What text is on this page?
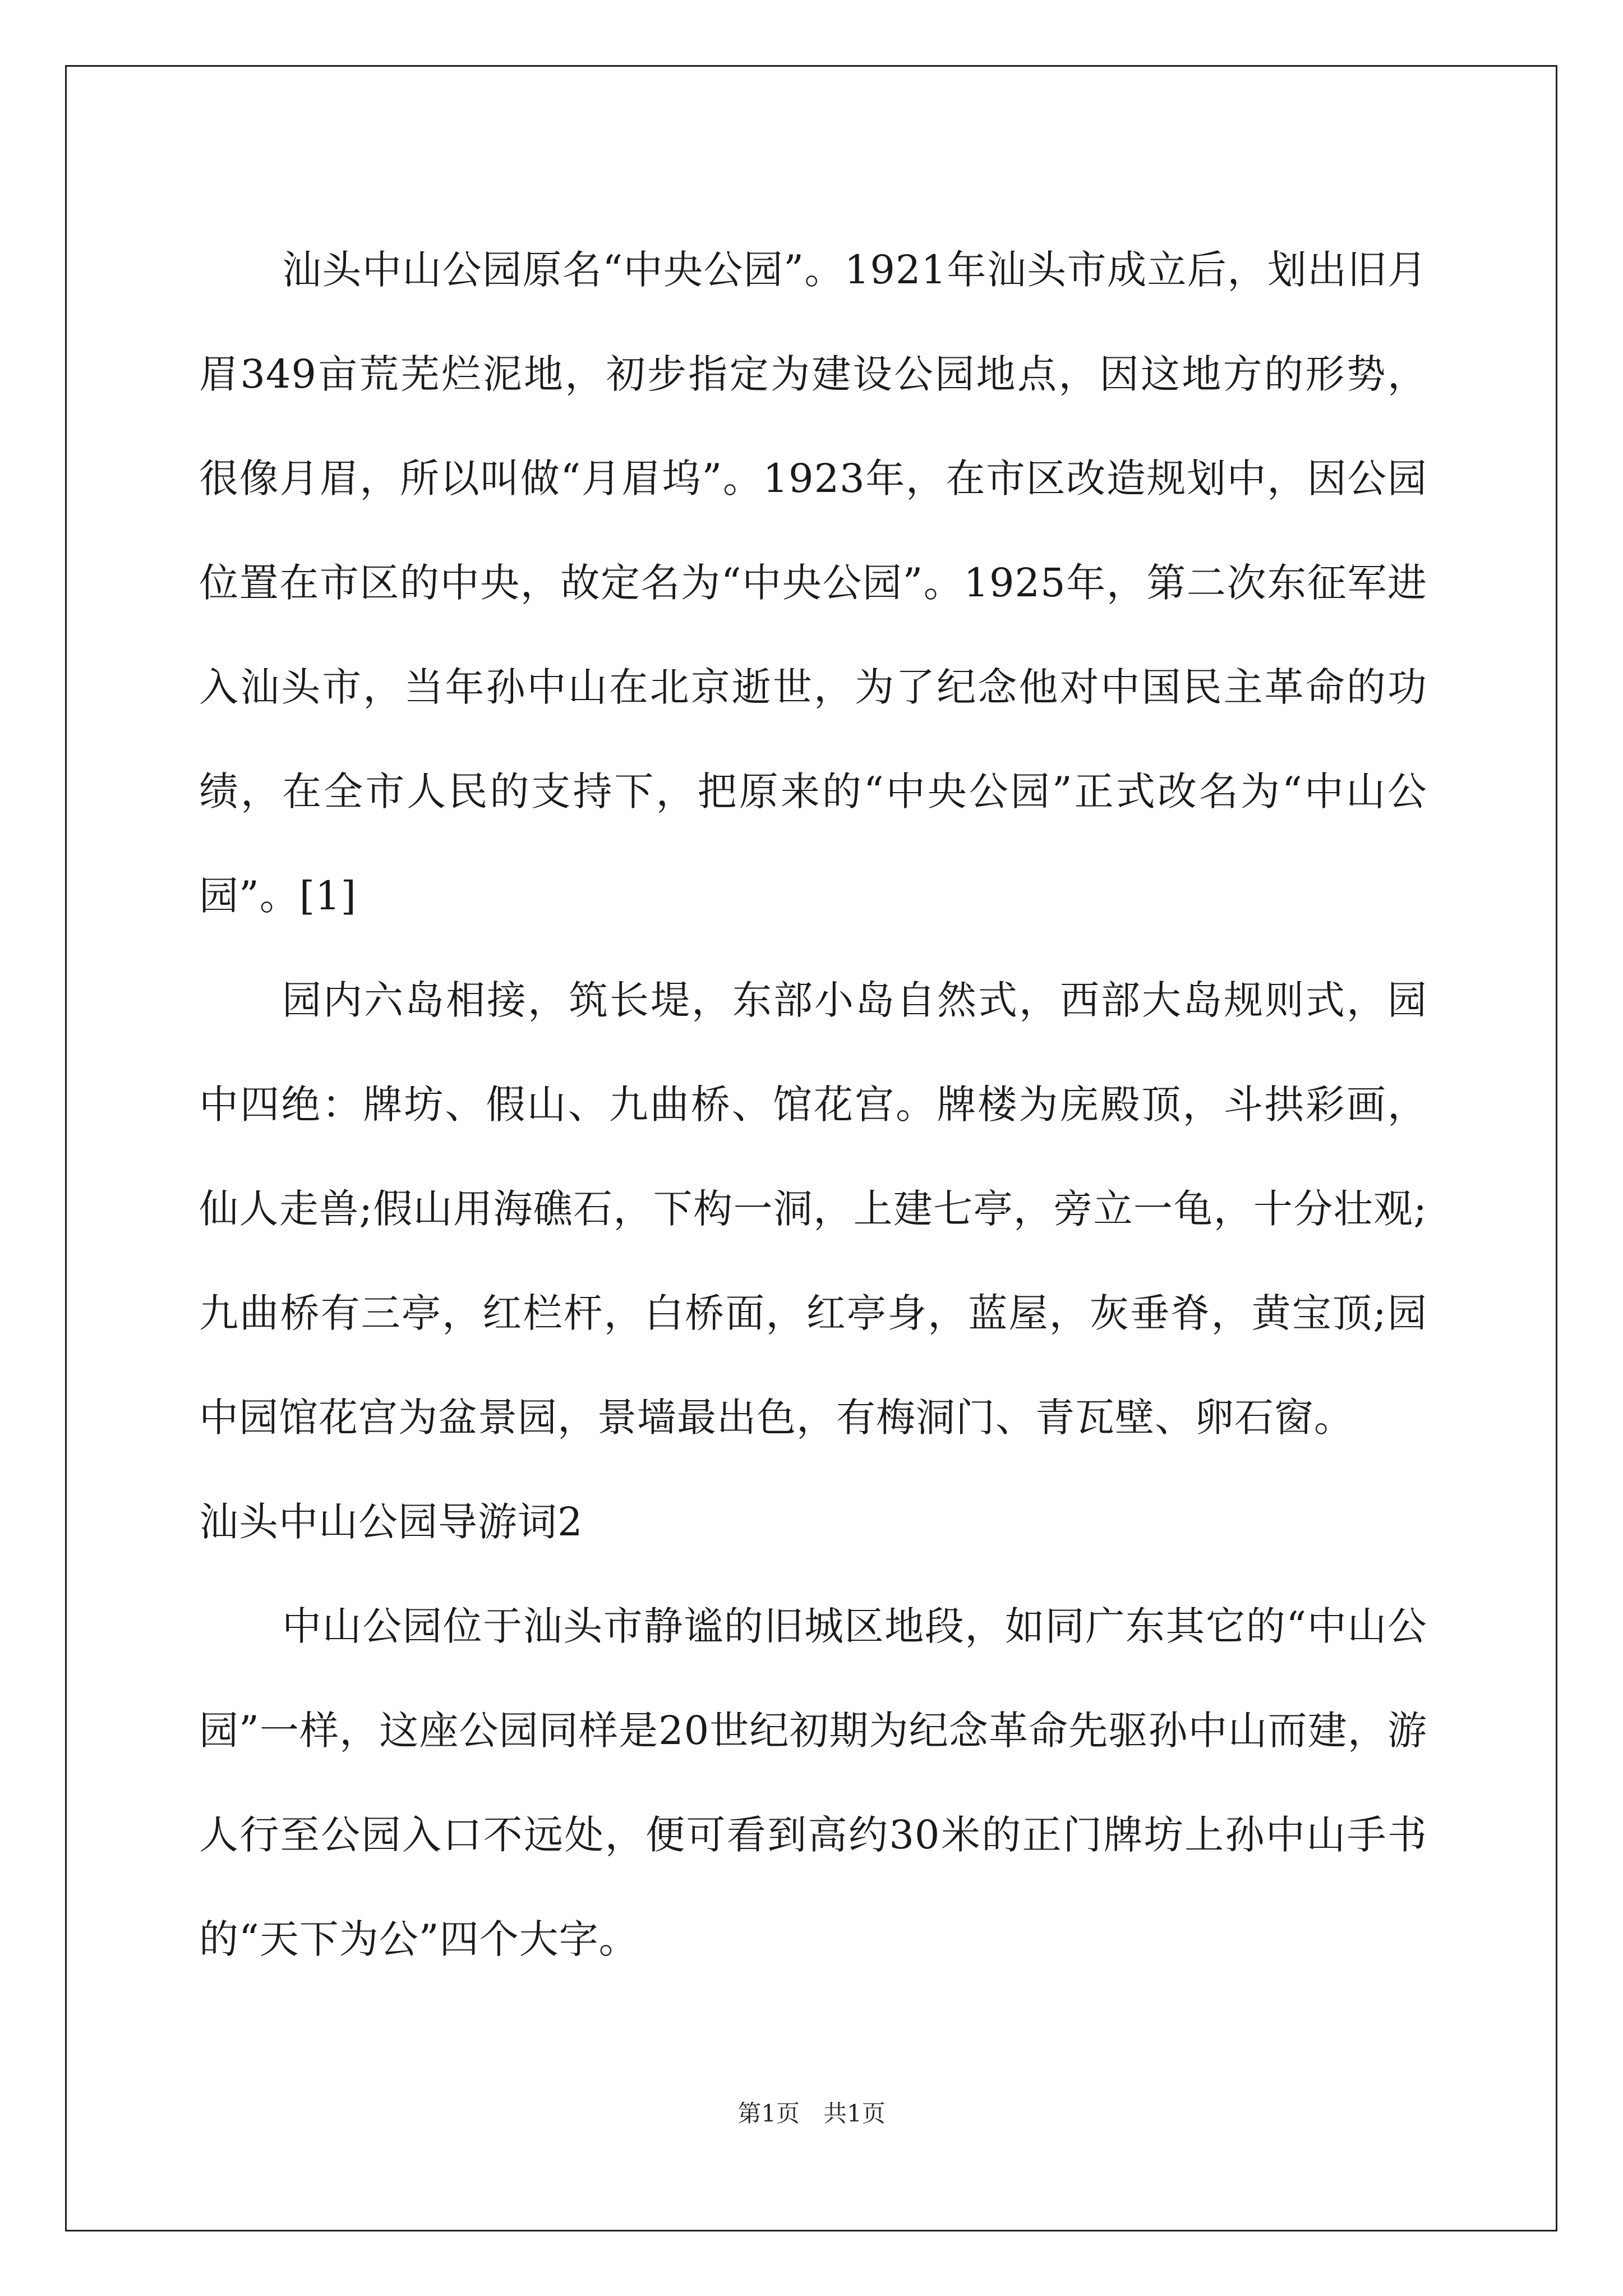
汕头中山公园原名“中央公园”。1921年汕头市成立后，划出旧月眉349亩荒芜烂泥地，初步指定为建设公园地点，因这地方的形势，很像月眉，所以叫做“月眉坞”。1923年，在市区改造规划中，因公园位置在市区的中央，故定名为“中央公园”。1925年，第二次东征军进入汕头市，当年孙中山在北京逝世，为了纪念他对中国民主革命的功绩，在全市人民的支持下，把原来的“中央公园”正式改名为“中山公园”。[1]

园内六岛相接，筑长堤，东部小岛自然式，西部大岛规则式，园中四绝：牌坊、假山、九曲桥、馆花宫。牌楼为庑殿顶，斗拱彩画，仙人走兽;假山用海礁石，下构一洞，上建七亭，旁立一龟，十分壮观;九曲桥有三亭，红栏杆，白桥面，红亭身，蓝屋，灰垂脊，黄宝顶;园中园馆花宫为盆景园，景墙最出色，有梅洞门、青瓦壁、卵石窗。

汕头中山公园导游词2

中山公园位于汕头市静谧的旧城区地段，如同广东其它的“中山公园”一样，这座公园同样是20世纪初期为纪念革命先驱孙中山而建，游人行至公园入口不远处，便可看到高约30米的正门牌坊上孙中山手书的“天下为公”四个大字。

第1页　共1页
